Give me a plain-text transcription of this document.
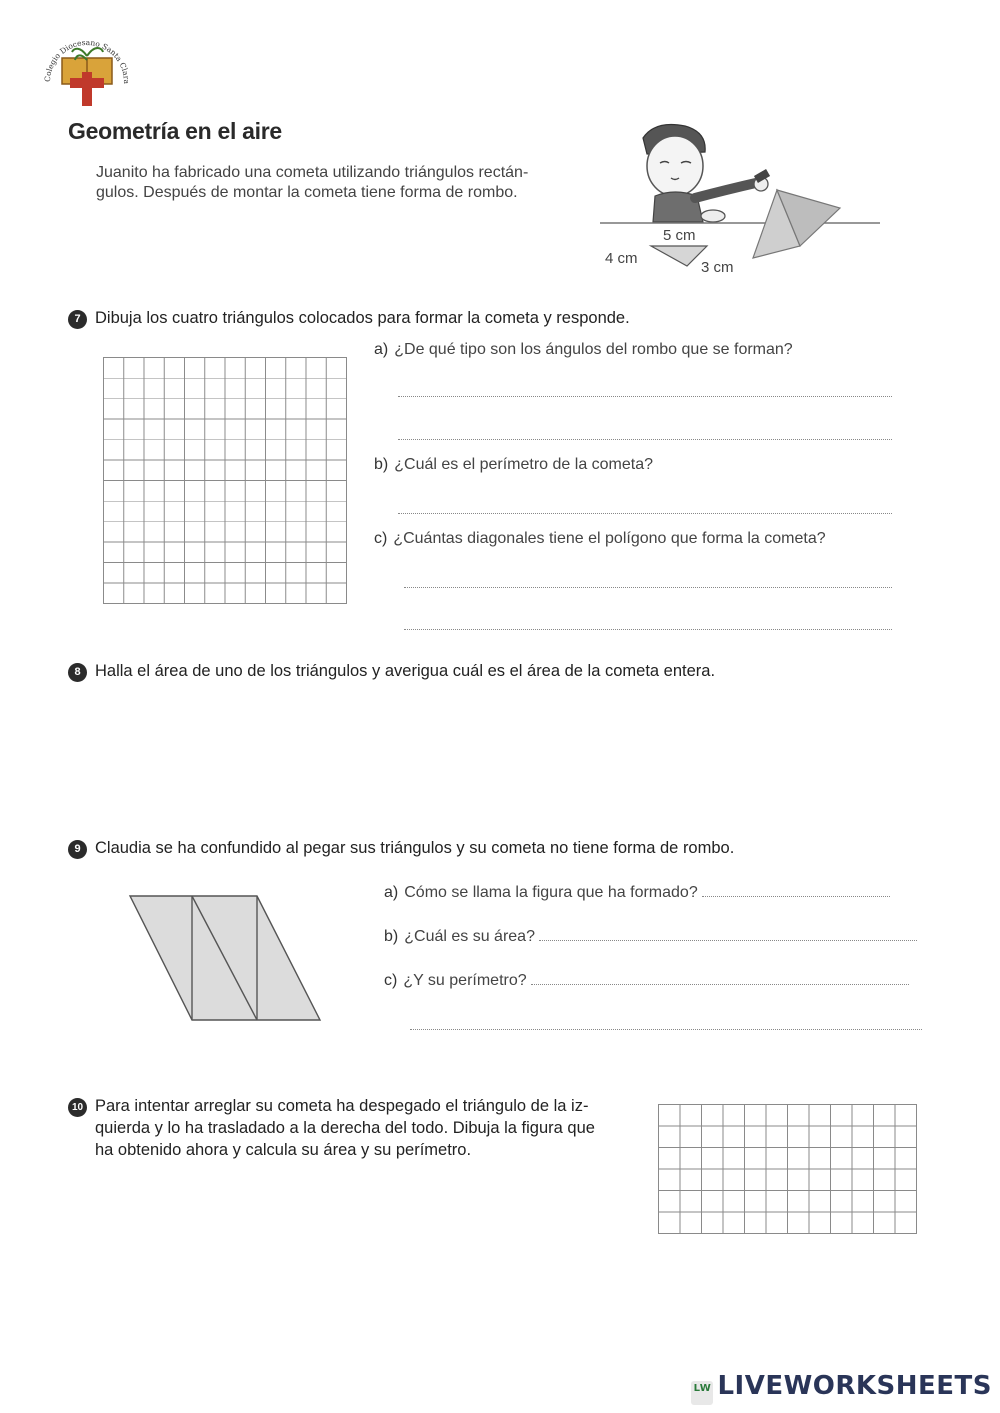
Colegio Diocesano Santa Clara
Geometría en el aire
Juanito ha fabricado una cometa utilizando triángulos rectán-
gulos. Después de montar la cometa tiene forma de rombo.
5 cm
4 cm
3 cm
7 Dibuja los cuatro triángulos colocados para formar la cometa y responde.
a) ¿De qué tipo son los ángulos del rombo que se forman?
b) ¿Cuál es el perímetro de la cometa?
c) ¿Cuántas diagonales tiene el polígono que forma la cometa?
8 Halla el área de uno de los triángulos y averigua cuál es el área de la cometa entera.
9 Claudia se ha confundido al pegar sus triángulos y su cometa no tiene forma de rombo.
a) Cómo se llama la figura que ha formado?
b) ¿Cuál es su área?
c) ¿Y su perímetro?
10 Para intentar arreglar su cometa ha despegado el triángulo de la iz-
quierda y lo ha trasladado a la derecha del todo. Dibuja la figura que
ha obtenido ahora y calcula su área y su perímetro.
LW LIVEWORKSHEETS
